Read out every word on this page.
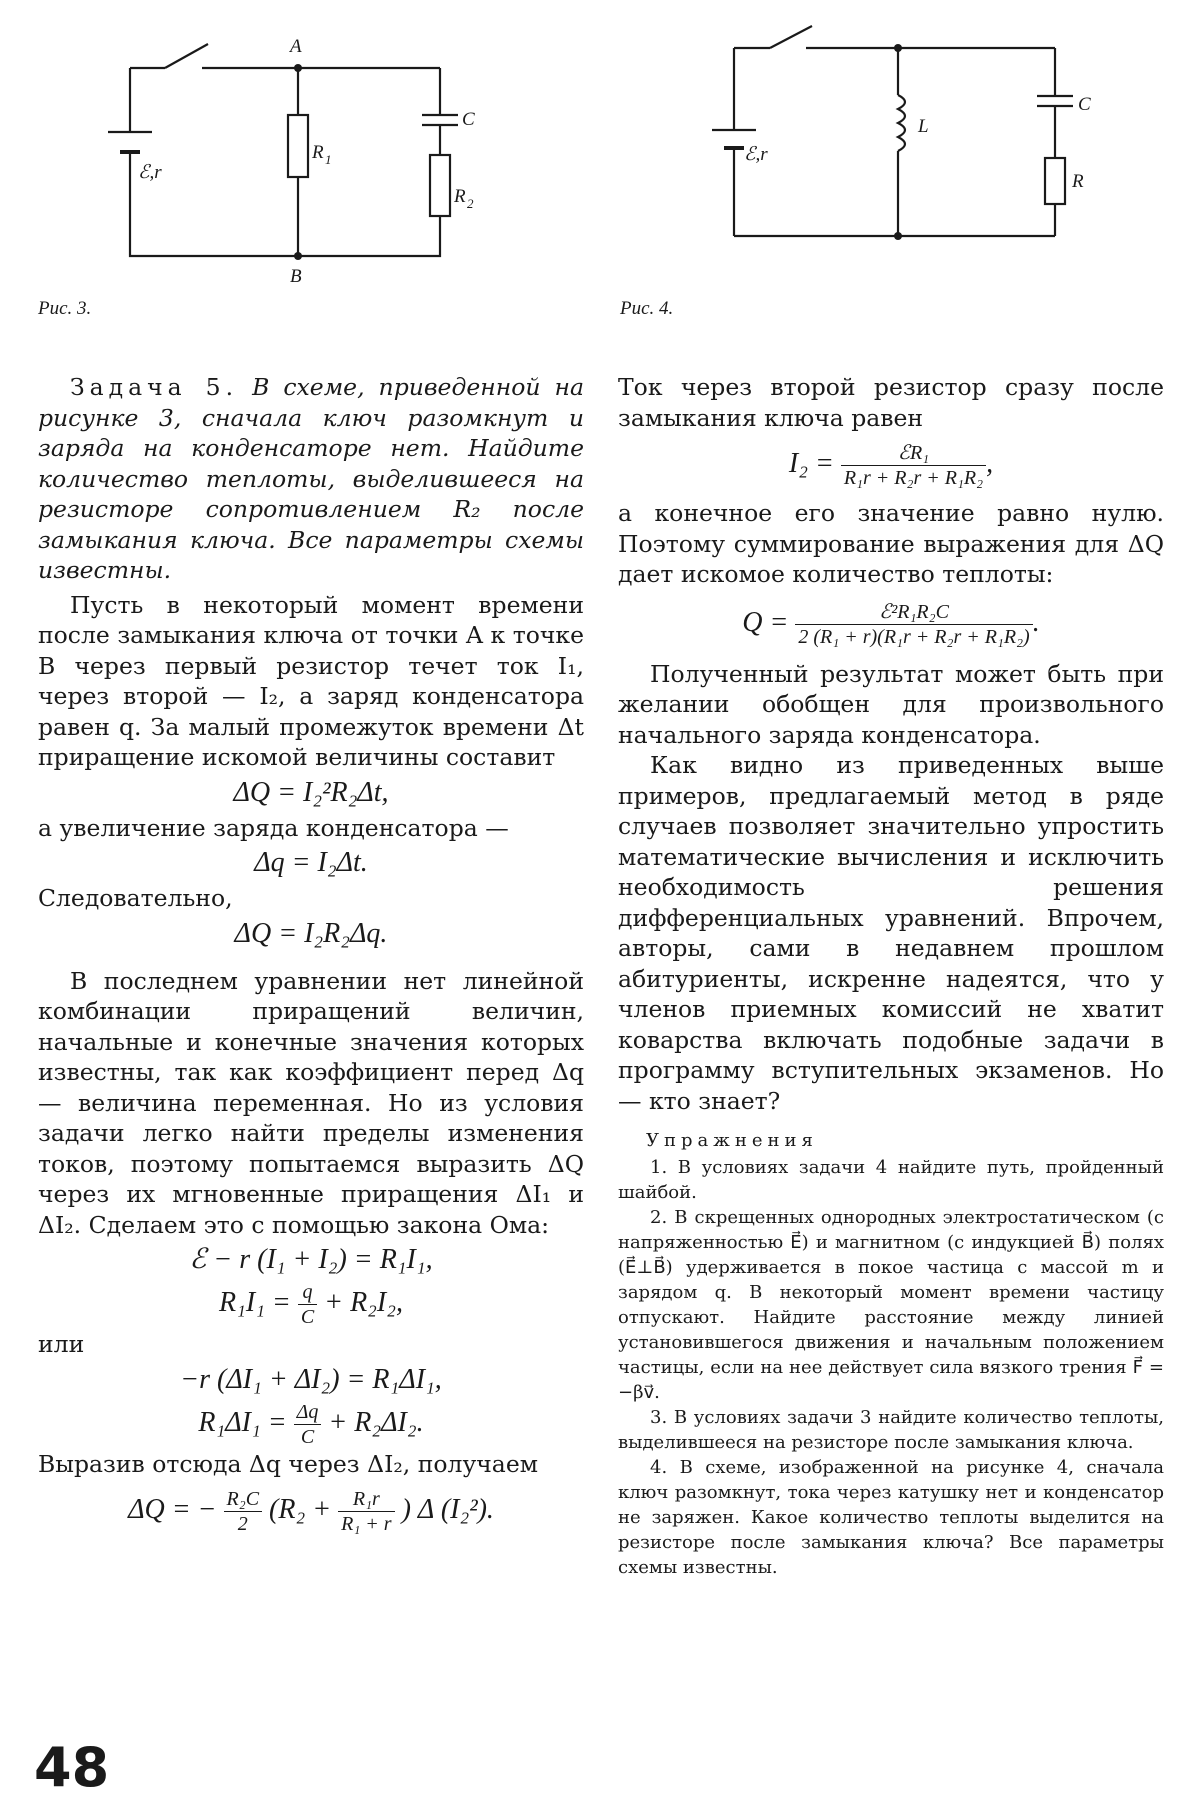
A
B
C
R 1
R 2
ℰ,r
Рис. 3.
C
L
R
ℰ,r
Рис. 4.

Задача 5. В схеме, приведенной на рисунке 3, сначала ключ разомкнут и заряда на конденсаторе нет. Найдите количество теплоты, выделившееся на резисторе сопротивлением R₂ после замыкания ключа. Все параметры схемы известны.

Пусть в некоторый момент времени после замыкания ключа от точки A к точке B через первый резистор течет ток I₁, через второй — I₂, а заряд конденсатора равен q. За малый промежуток времени Δt приращение искомой величины составит

ΔQ = I₂²R₂Δt,

а увеличение заряда конденсатора —

Δq = I₂Δt.

Следовательно,

ΔQ = I₂R₂Δq.

В последнем уравнении нет линейной комбинации приращений величин, начальные и конечные значения которых известны, так как коэффициент перед Δq — величина переменная. Но из условия задачи легко найти пределы изменения токов, поэтому попытаемся выразить ΔQ через их мгновенные приращения ΔI₁ и ΔI₂. Сделаем это с помощью закона Ома:

ℰ − r (I₁ + I₂) = R₁I₁,
$R_1I_1 = \frac{q}{C} + R_2I_2$,

или

−r (ΔI₁ + ΔI₂) = R₁ΔI₁,
$R_1\Delta I_1 = \frac{\Delta q}{C} + R_2\Delta I_2$.

Выразив отсюда Δq через ΔI₂, получаем

ΔQ = − $\frac{\text{R₂C}}{2} (R_2 + \frac{\text{R₁r}}{\text{R₁ + r}}$ ) Δ (I₂²).

Ток через второй резистор сразу после замыкания ключа равен

$I_2 = \frac{\text{ℰR₁}}{\text{R₁r + R₂r + R₁R₂}}$ ,

а конечное его значение равно нулю. Поэтому суммирование выражения для ΔQ дает искомое количество теплоты:

$Q = \frac{\text{ℰ²R₁R₂C}}{\text{2 (R₁ + r)(R₁r + R₂r + R₁R₂)}}$ .

Полученный результат может быть при желании обобщен для произвольного начального заряда конденсатора.

Как видно из приведенных выше примеров, предлагаемый метод в ряде случаев позволяет значительно упростить математические вычисления и исключить необходимость решения дифференциальных уравнений. Впрочем, авторы, сами в недавнем прошлом абитуриенты, искренне надеятся, что у членов приемных комиссий не хватит коварства включать подобные задачи в программу вступительных экзаменов. Но — кто знает?

Упражнения

1. В условиях задачи 4 найдите путь, пройденный шайбой.

2. В скрещенных однородных электростатическом (с напряженностью E⃗) и магнитном (с индукцией B⃗) полях (E⃗⊥B⃗) удерживается в покое частица с массой m и зарядом q. В некоторый момент времени частицу отпускают. Найдите расстояние между линией установившегося движения и начальным положением частицы, если на нее действует сила вязкого трения F⃗ = −βv⃗.

3. В условиях задачи 3 найдите количество теплоты, выделившееся на резисторе после замыкания ключа.

4. В схеме, изображенной на рисунке 4, сначала ключ разомкнут, тока через катушку нет и конденсатор не заряжен. Какое количество теплоты выделится на резисторе после замыкания ключа? Все параметры схемы известны.

48
